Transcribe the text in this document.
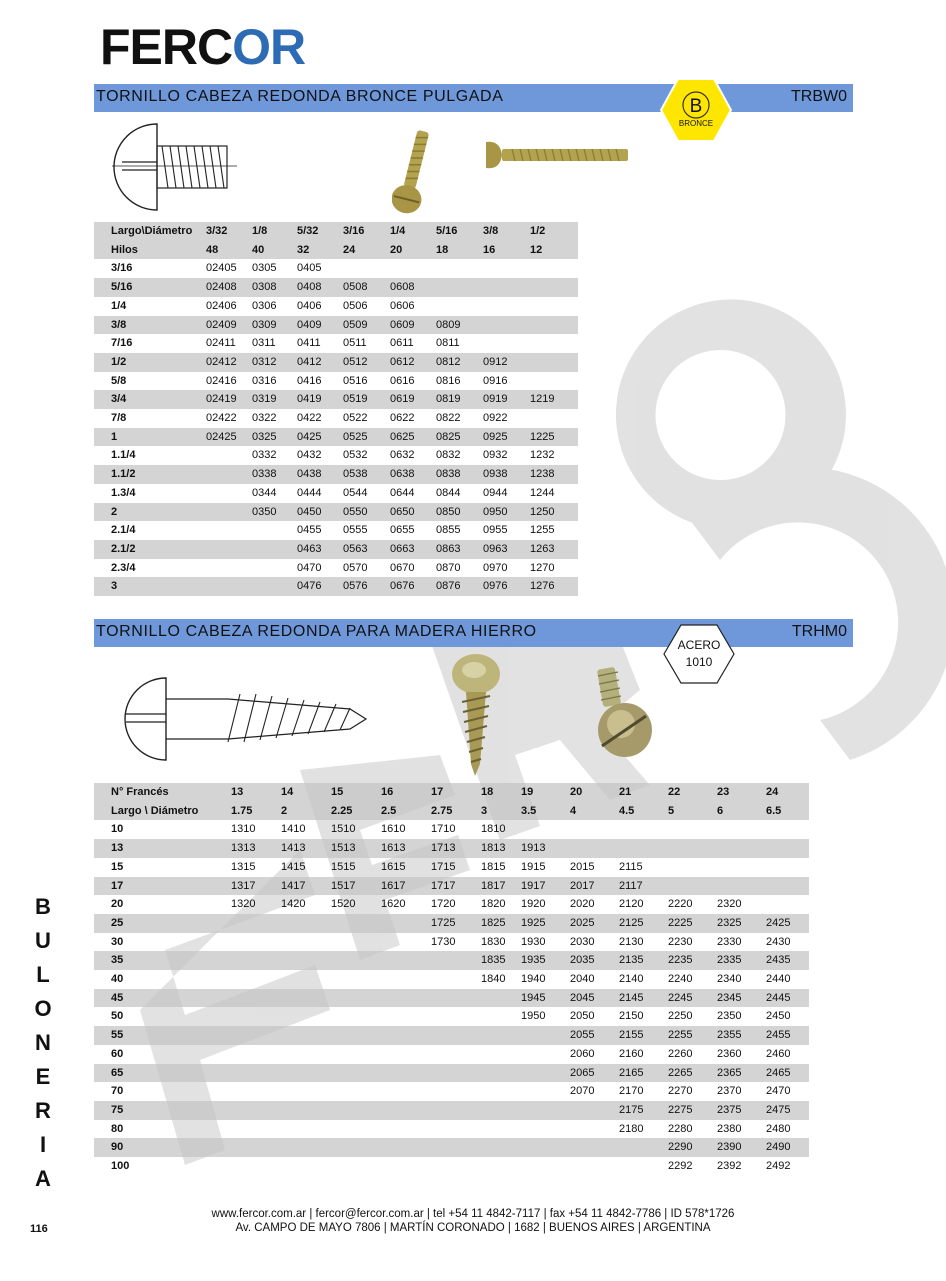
FERCOR
TORNILLO CABEZA REDONDA BRONCE PULGADA	TRBW0
B
BRONCE
Largo\Diámetro	3/32	1/8	5/32	3/16	1/4	5/16	3/8	1/2
Hilos	48	40	32	24	20	18	16	12
3/16	02405	0305	0405					
5/16	02408	0308	0408	0508	0608			
1/4	02406	0306	0406	0506	0606			
3/8	02409	0309	0409	0509	0609	0809		
7/16	02411	0311	0411	0511	0611	0811		
1/2	02412	0312	0412	0512	0612	0812	0912	
5/8	02416	0316	0416	0516	0616	0816	0916	
3/4	02419	0319	0419	0519	0619	0819	0919	1219
7/8	02422	0322	0422	0522	0622	0822	0922	
1	02425	0325	0425	0525	0625	0825	0925	1225
1.1/4		0332	0432	0532	0632	0832	0932	1232
1.1/2		0338	0438	0538	0638	0838	0938	1238
1.3/4		0344	0444	0544	0644	0844	0944	1244
2		0350	0450	0550	0650	0850	0950	1250
2.1/4			0455	0555	0655	0855	0955	1255
2.1/2			0463	0563	0663	0863	0963	1263
2.3/4			0470	0570	0670	0870	0970	1270
3			0476	0576	0676	0876	0976	1276
TORNILLO CABEZA REDONDA PARA MADERA HIERRO	TRHM0
ACERO
1010
N° Francés	13	14	15	16	17	18	19	20	21	22	23	24
Largo \ Diámetro	1.75	2	2.25	2.5	2.75	3	3.5	4	4.5	5	6	6.5
10	1310	1410	1510	1610	1710	1810						
13	1313	1413	1513	1613	1713	1813	1913					
15	1315	1415	1515	1615	1715	1815	1915	2015	2115			
17	1317	1417	1517	1617	1717	1817	1917	2017	2117			
20	1320	1420	1520	1620	1720	1820	1920	2020	2120	2220	2320	
25					1725	1825	1925	2025	2125	2225	2325	2425
30					1730	1830	1930	2030	2130	2230	2330	2430
35						1835	1935	2035	2135	2235	2335	2435
40						1840	1940	2040	2140	2240	2340	2440
45							1945	2045	2145	2245	2345	2445
50							1950	2050	2150	2250	2350	2450
55								2055	2155	2255	2355	2455
60								2060	2160	2260	2360	2460
65								2065	2165	2265	2365	2465
70								2070	2170	2270	2370	2470
75									2175	2275	2375	2475
80									2180	2280	2380	2480
90										2290	2390	2490
100										2292	2392	2492
B
U
L
O
N
E
R
I
A
www.fercor.com.ar | fercor@fercor.com.ar | tel +54 11 4842-7117 | fax +54 11 4842-7786 | ID 578*1726
Av. CAMPO DE MAYO 7806 | MARTÍN CORONADO | 1682 | BUENOS AIRES | ARGENTINA
116
